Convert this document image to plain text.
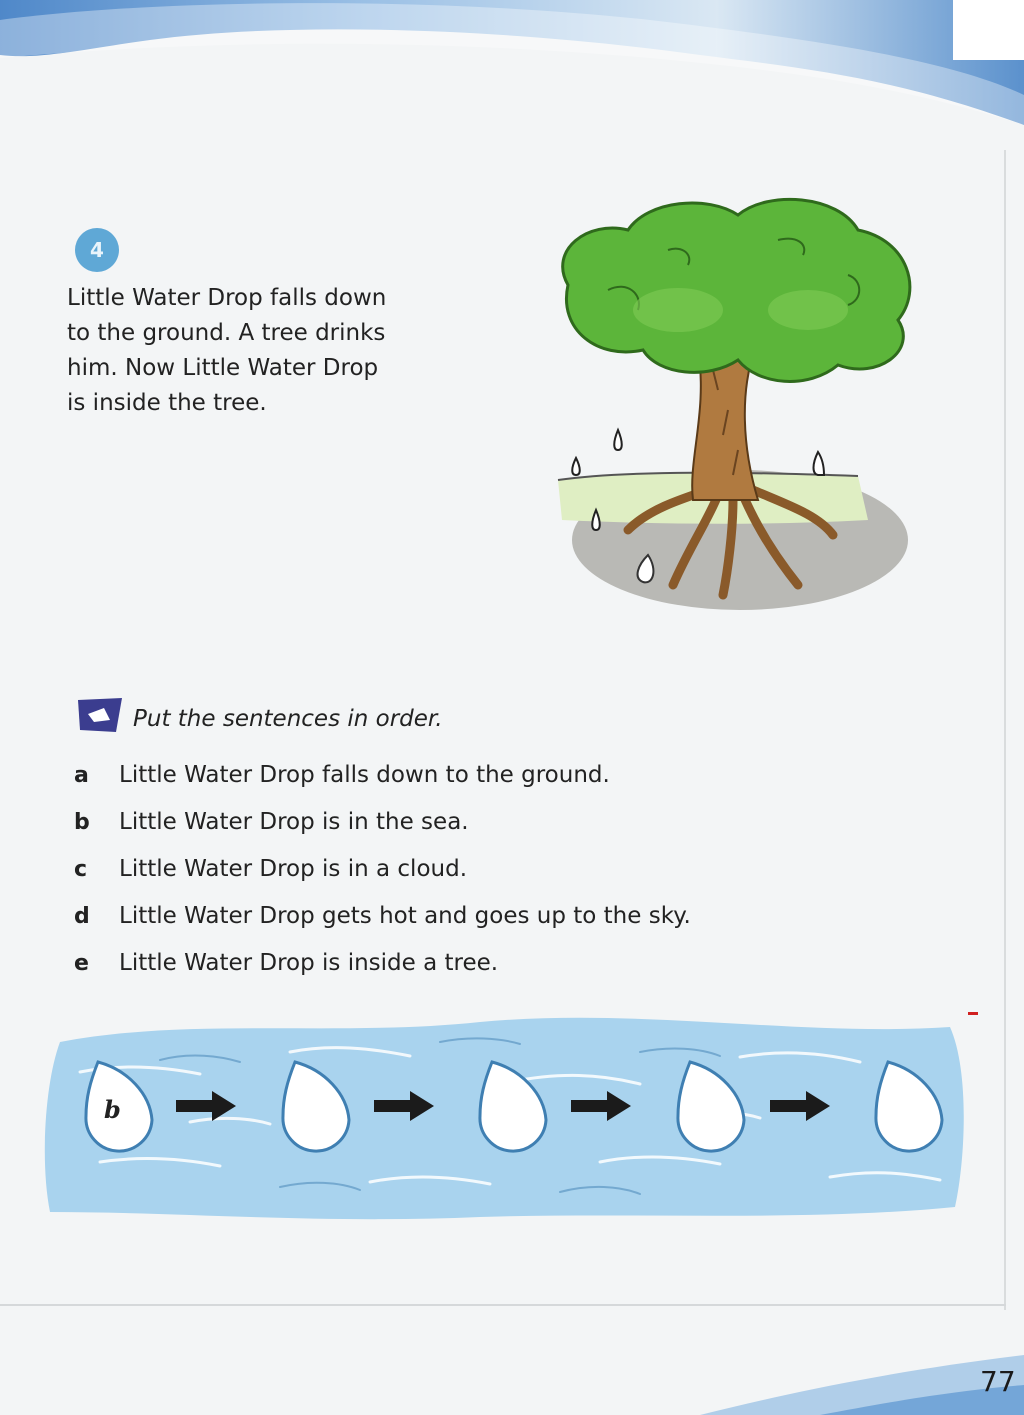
4
Little Water Drop falls down
to the ground. A tree drinks
him. Now Little Water Drop
is inside the tree.
Put the sentences in order.
a	Little Water Drop falls down to the ground.
b	Little Water Drop is in the sea.
c	Little Water Drop is in a cloud.
d	Little Water Drop gets hot and goes up to the sky.
e	Little Water Drop is inside a tree.
b
77
